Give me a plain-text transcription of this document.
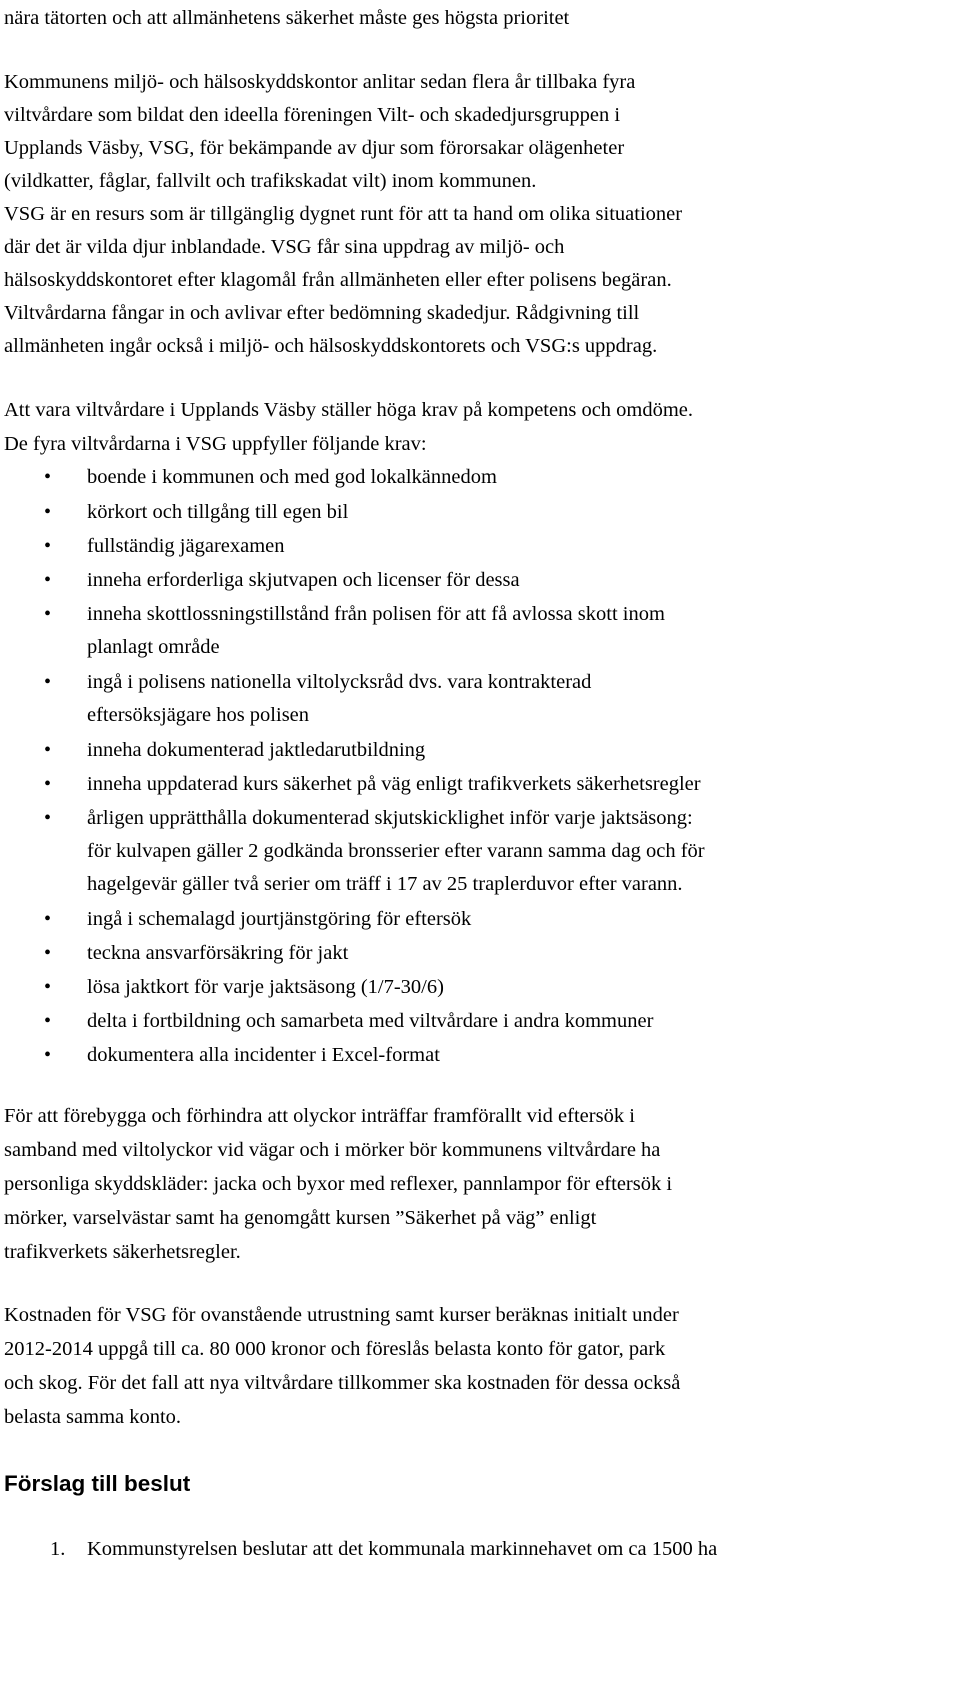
nära tätorten och att allmänhetens säkerhet måste ges högsta prioritet
Kommunens miljö- och hälsoskyddskontor anlitar sedan flera år tillbaka fyra
viltvårdare som bildat den ideella föreningen Vilt- och skadedjursgruppen i
Upplands Väsby, VSG, för bekämpande av djur som förorsakar olägenheter
(vildkatter, fåglar, fallvilt och trafikskadat vilt) inom kommunen.
VSG är en resurs som är tillgänglig dygnet runt för att ta hand om olika situationer
där det är vilda djur inblandade. VSG får sina uppdrag av miljö- och
hälsoskyddskontoret efter klagomål från allmänheten eller efter polisens begäran.
Viltvårdarna fångar in och avlivar efter bedömning skadedjur. Rådgivning till
allmänheten ingår också i miljö- och hälsoskyddskontorets och VSG:s uppdrag.
Att vara viltvårdare i Upplands Väsby ställer höga krav på kompetens och omdöme.
De fyra viltvårdarna i VSG uppfyller följande krav:
• boende i kommunen och med god lokalkännedom
• körkort och tillgång till egen bil
• fullständig jägarexamen
• inneha erforderliga skjutvapen och licenser för dessa
• inneha skottlossningstillstånd från polisen för att få avlossa skott inom
planlagt område
• ingå i polisens nationella viltolycksråd dvs. vara kontrakterad
eftersöksjägare hos polisen
• inneha dokumenterad jaktledarutbildning
• inneha uppdaterad kurs säkerhet på väg enligt trafikverkets säkerhetsregler
• årligen upprätthålla dokumenterad skjutskicklighet inför varje jaktsäsong:
för kulvapen gäller 2 godkända bronsserier efter varann samma dag och för
hagelgevär gäller två serier om träff i 17 av 25 traplerduvor efter varann.
• ingå i schemalagd jourtjänstgöring för eftersök
• teckna ansvarförsäkring för jakt
• lösa jaktkort för varje jaktsäsong (1/7-30/6)
• delta i fortbildning och samarbeta med viltvårdare i andra kommuner
• dokumentera alla incidenter i Excel-format
För att förebygga och förhindra att olyckor inträffar framförallt vid eftersök i
samband med viltolyckor vid vägar och i mörker bör kommunens viltvårdare ha
personliga skyddskläder: jacka och byxor med reflexer, pannlampor för eftersök i
mörker, varselvästar samt ha genomgått kursen ”Säkerhet på väg” enligt
trafikverkets säkerhetsregler.
Kostnaden för VSG för ovanstående utrustning samt kurser beräknas initialt under
2012-2014 uppgå till ca. 80 000 kronor och föreslås belasta konto för gator, park
och skog. För det fall att nya viltvårdare tillkommer ska kostnaden för dessa också
belasta samma konto.
Förslag till beslut
1. Kommunstyrelsen beslutar att det kommunala markinnehavet om ca 1500 ha
